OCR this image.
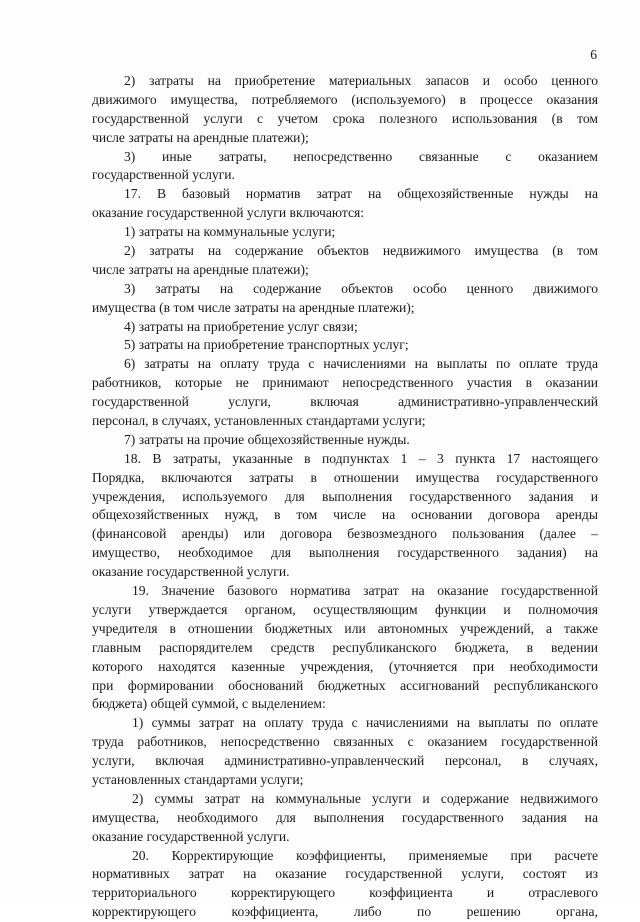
6
2) затраты на приобретение материальных запасов и особо ценного
движимого имущества, потребляемого (используемого) в процессе оказания
государственной услуги с учетом срока полезного использования (в том
числе затраты на арендные платежи);
3) иные затраты, непосредственно связанные с оказанием
государственной услуги.
17. В базовый норматив затрат на общехозяйственные нужды на
оказание государственной услуги включаются:
1) затраты на коммунальные услуги;
2) затраты на содержание объектов недвижимого имущества (в том
числе затраты на арендные платежи);
3) затраты на содержание объектов особо ценного движимого
имущества (в том числе затраты на арендные платежи);
4) затраты на приобретение услуг связи;
5) затраты на приобретение транспортных услуг;
6) затраты на оплату труда с начислениями на выплаты по оплате труда
работников, которые не принимают непосредственного участия в оказании
государственной услуги, включая административно-управленческий
персонал, в случаях, установленных стандартами услуги;
7) затраты на прочие общехозяйственные нужды.
18. В затраты, указанные в подпунктах 1 – 3 пункта 17 настоящего
Порядка, включаются затраты в отношении имущества государственного
учреждения, используемого для выполнения государственного задания и
общехозяйственных нужд, в том числе на основании договора аренды
(финансовой аренды) или договора безвозмездного пользования (далее –
имущество, необходимое для выполнения государственного задания) на
оказание государственной услуги.
19. Значение базового норматива затрат на оказание государственной
услуги утверждается органом, осуществляющим функции и полномочия
учредителя в отношении бюджетных или автономных учреждений, а также
главным распорядителем средств республиканского бюджета, в ведении
которого находятся казенные учреждения, (уточняется при необходимости
при формировании обоснований бюджетных ассигнований республиканского
бюджета) общей суммой, с выделением:
1) суммы затрат на оплату труда с начислениями на выплаты по оплате
труда работников, непосредственно связанных с оказанием государственной
услуги, включая административно-управленческий персонал, в случаях,
установленных стандартами услуги;
2) суммы затрат на коммунальные услуги и содержание недвижимого
имущества, необходимого для выполнения государственного задания на
оказание государственной услуги.
20. Корректирующие коэффициенты, применяемые при расчете
нормативных затрат на оказание государственной услуги, состоят из
территориального корректирующего коэффициента и отраслевого
корректирующего коэффициента, либо по решению органа,
